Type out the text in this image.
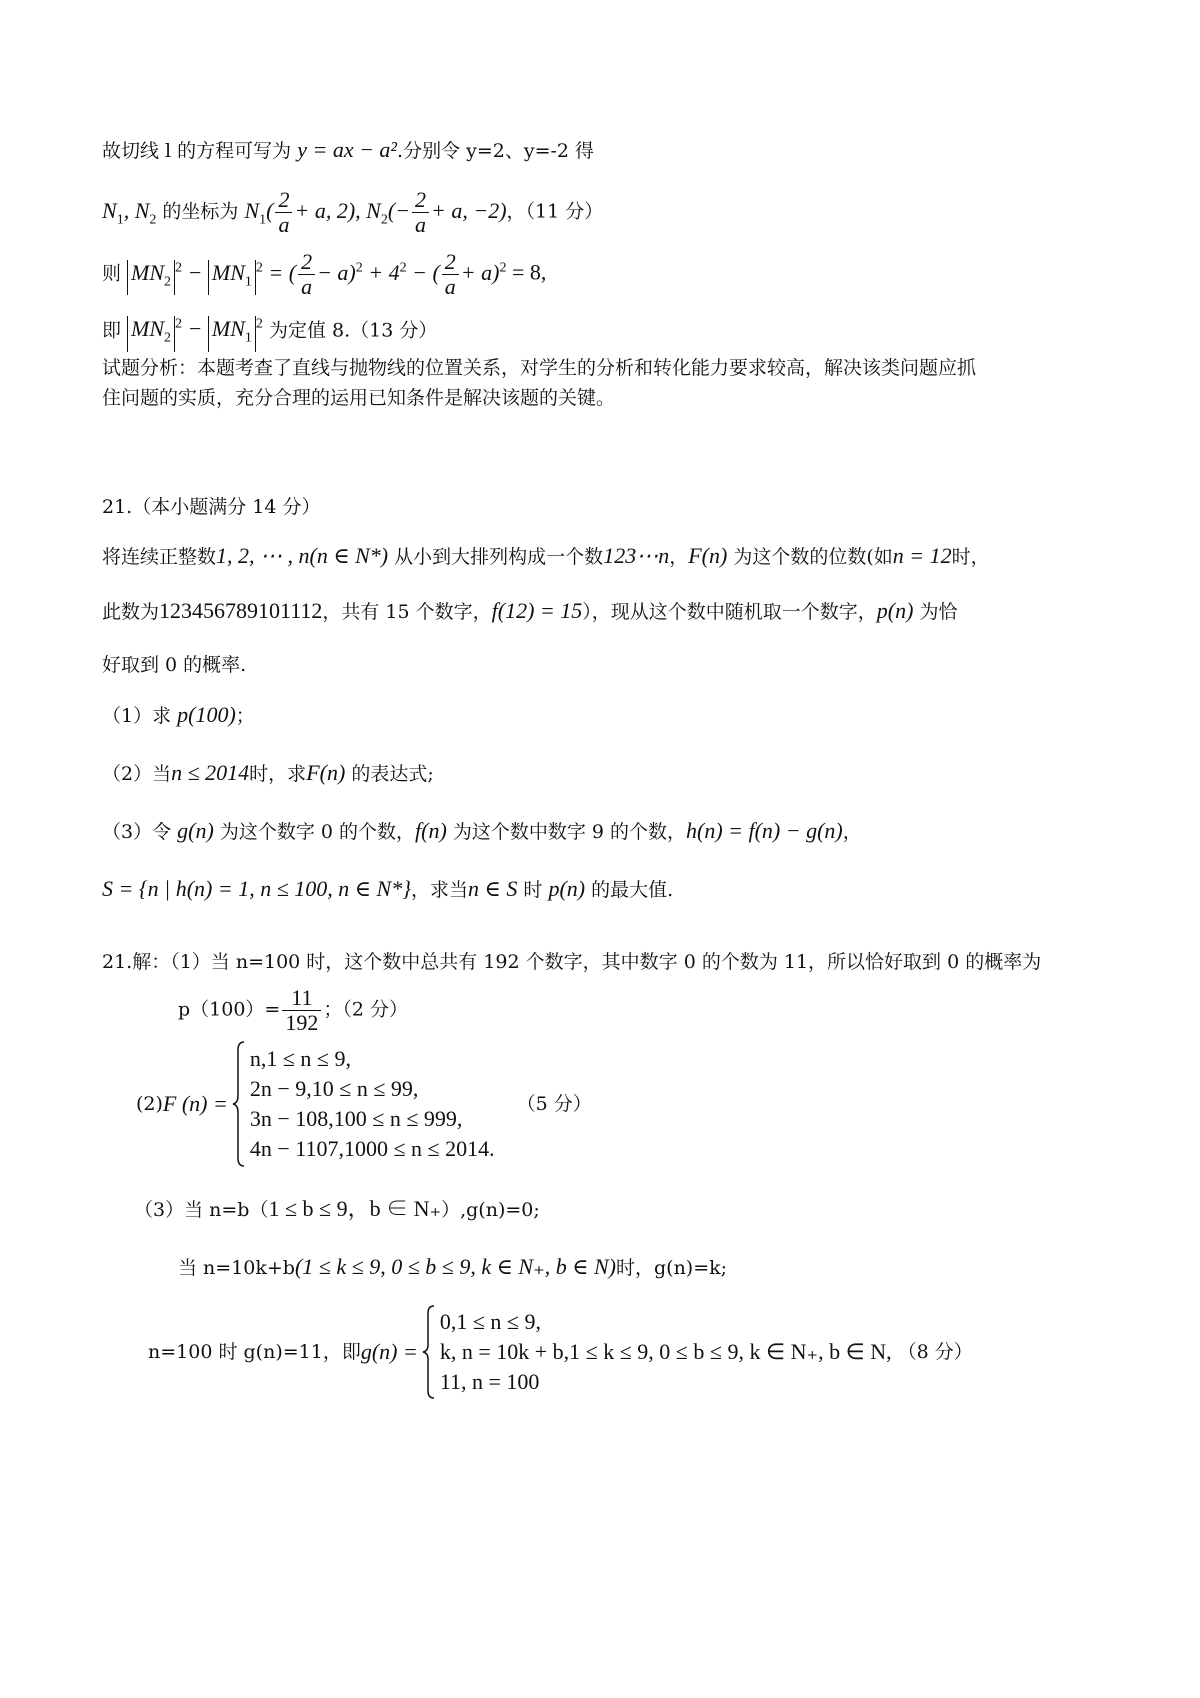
故切线 l 的方程可写为 y = ax − a².分别令 y=2、y=-2 得
$N_1$, $N_2$ 的坐标为 $N_1( \frac{2}{a} + a$, 2), $N_2(- \frac{2}{a} + a$, −2)，（11 分）
则 $MN_2^2 - MN_1^2$ = ( $\frac{2}{a} - a)^2 + 4^2$ − ( $\frac{2}{a} + a)^2 = 8$,
即 $MN_2^2 - MN_1^2$ 为定值 8.（13 分）
试题分析：本题考查了直线与抛物线的位置关系，对学生的分析和转化能力要求较高，解决该类问题应抓
住问题的实质，充分合理的运用已知条件是解决该题的关键。
21.（本小题满分 14 分）
将连续正整数1, 2, ⋯ , n(n ∈ N*) 从小到大排列构成一个数123⋯n，F(n) 为这个数的位数(如n = 12时，
此数为123456789101112，共有 15 个数字，f(12) = 15），现从这个数中随机取一个数字，p(n) 为恰
好取到 0 的概率.
（1）求 p(100)；
（2）当n ≤ 2014时，求F(n) 的表达式;
（3）令 g(n) 为这个数字 0 的个数，f(n) 为这个数中数字 9 的个数，h(n) = f(n) − g(n)，
S = {n | h(n) = 1, n ≤ 100, n ∈ N*}，求当n ∈ S 时 p(n) 的最大值.
21.解：（1）当 n=100 时，这个数中总共有 192 个数字，其中数字 0 的个数为 11，所以恰好取到 0 的概率为
$p(100)= \frac{11}{192}$ ；（2 分）
(2) F (n) =
n,1 ≤ n ≤ 9,
2n − 9,10 ≤ n ≤ 99,
3n − 108,100 ≤ n ≤ 999,
4n − 1107,1000 ≤ n ≤ 2014.
（5 分）
（3）当 n=b（1 ≤ b ≤ 9，b ∈ N₊）,g(n)=0;
当 n=10k+b(1 ≤ k ≤ 9, 0 ≤ b ≤ 9, k ∈ N₊, b ∈ N)时，g(n)=k;
n=100 时 g(n)=11，即 g(n) =
0,1 ≤ n ≤ 9,
k, n = 10k + b,1 ≤ k ≤ 9, 0 ≤ b ≤ 9, k ∈ N₊, b ∈ N,
11, n = 100
（8 分）
